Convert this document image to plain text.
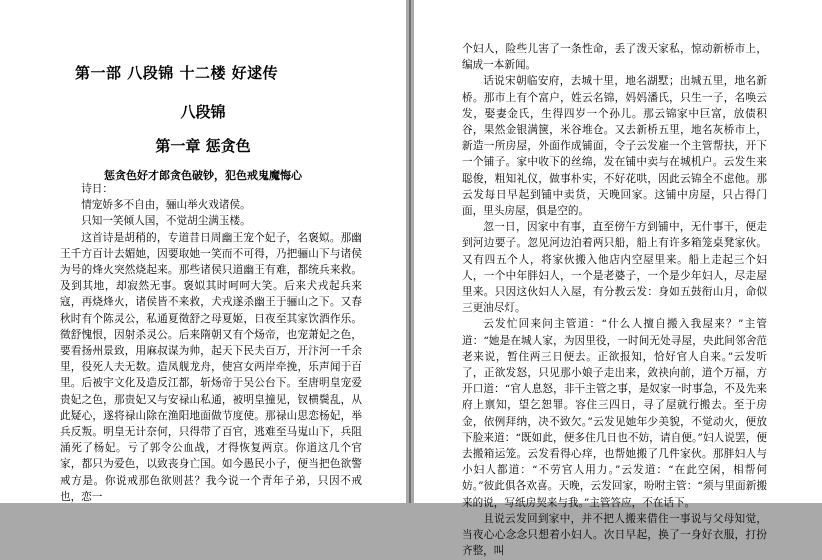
第一部 八段锦 十二楼 好逑传
八段锦
第一章 惩贪色
惩贪色好才郎贪色破钞，犯色戒鬼魔悔心

诗日：

情宠娇多不自由，骊山举火戏诸侯。

只知一笑倾人国，不觉胡尘满玉楼。

这首诗是胡稍的，专道昔日周幽王宠个妃子，名褒姒。那幽王千方百计去媚她，因要取她一笑而不可得，乃把骊山下与诸侯为号的烽火突然烧起来。那些诸侯只道幽王有难，都统兵来救。及到其地，却寂然无事。褒姒其时呵呵大笑。后来犬戎起兵来寇，再烧烽火，诸侯皆不来救，犬戎遂杀幽王于骊山之下。又春秋时有个陈灵公，私通夏徵舒之母夏姬，日夜至其家饮酒作乐。徵舒愧恨，因射杀灵公。后来隋朝又有个炀帝，也宠萧妃之色，要看扬州景致，用麻叔谋为帅，起天下民夫百万，开汴河一千余里，役死人夫无数。造凤舰龙舟，使宫女两岸牵挽，乐声闻于百里。后被宇文化及造反江都，斩炀帝于吴公台下。至唐明皇宠爱贵妃之色，那贵妃又与安禄山私通，被明皇撞见，钗横鬓乱，从此疑心，遂将禄山除在渔阳地面做节度使。那禄山思恋杨妃，举兵反叛。明皇无计奈何，只得带了百官，逃难至马嵬山下，兵阻涌死了杨妃。亏了郭令公血战，才得恢复两京。你道这几个官家，都只为爱色，以致丧身亡国。如今愚民小子，便当把色欲警戒方是。你说戒那色欲则甚？我今说一个青年子弟，只因不戒也，恋一

个妇人，险些儿害了一条性命，丢了泼天家私，惊动新桥市上，编成一本新闻。

话说宋朝临安府，去城十里，地名湖墅；出城五里，地名新桥。那市上有个富户，姓云名锦，妈妈潘氏，只生一子，名唤云发，娶妻金氏，生得四岁一个孙儿。那云锦家中巨富，放债积谷，果然金银满箧，米谷堆仓。又去新桥五里，地名灰桥市上，新造一所房屋，外面作成铺面，令子云发雇一个主管帮扶，开下一个铺子。家中收下的丝绵，发在铺中卖与在城机户。云发生来聪俊，粗知礼仪，做事朴实，不好花哄，因此云锦全不虑他。那云发每日早起到铺中卖货，天晚回家。这铺中房屋，只占得门面，里头房屋，俱是空的。

忽一日，因家中有事，直至傍午方到铺中，无什事干，便走到河边要子。忽见河边泊着两只船，船上有许多箱笼桌凳家伙。又有四五个人，将家伙搬入他店内空屋里来。船上走起三个妇人，一个中年胖妇人，一个是老婆子，一个是少年妇人，尽走屋里来。只因这伙妇人入屋，有分教云发：身如五鼓衔山月，命似三更油尽灯。

云发忙回来问主管道：“什么人擅自搬入我屋来？”主管道：“她是在城人家，为因里役，一时间无处寻屋，央此间邻舍范老来说，暂住两三日便去。正欲报知，恰好官人自来。”云发听了，正欲发怒，只见那小娘子走出来，敛袂向前，道个万福，方开口道：“官人息怒，非干主管之事，是奴家一时事急，不及先来府上禀知，望乞恕罪。容住三四日，寻了屋就行搬去。至于房金，依例拜纳，决不致欠。”云发见她年少美貌，不觉动火，便放下脸来道：“既如此，便多住几日也不妨，请自便。”妇人说罢，便去搬箱运笼。云发看得心痒，也帮她搬了几件家伙。那胖妇人与小妇人都道：“不劳官人用力。”云发道：“在此空闲，相帮何妨。”彼此俱各欢喜。天晚，云发回家，吩咐主管：“须与里面新搬来的说，写纸房契来与我。”主管答应，不在话下。

且说云发回到家中，并不把人搬来借住一事说与父母知觉，当夜心心念念只想着小妇人。次日早起，换了一身好衣服，打扮齐整，叫
